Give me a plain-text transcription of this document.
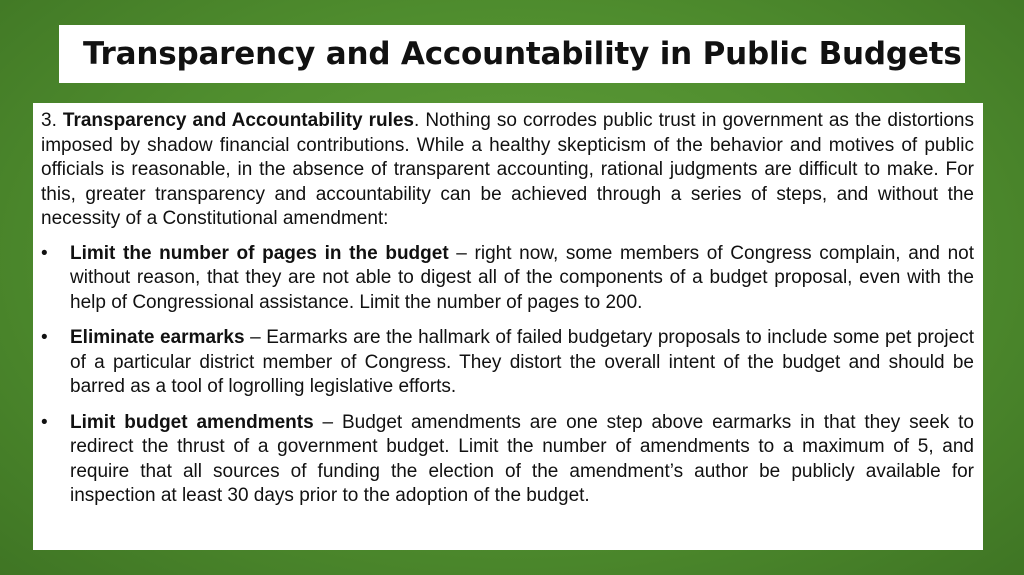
Transparency and Accountability in Public Budgets

3. Transparency and Accountability rules. Nothing so corrodes public trust in government as the distortions imposed by shadow financial contributions. While a healthy skepticism of the behavior and motives of public officials is reasonable, in the absence of transparent accounting, rational judgments are difficult to make. For this, greater transparency and accountability can be achieved through a series of steps, and without the necessity of a Constitutional amendment:

• Limit the number of pages in the budget – right now, some members of Congress complain, and not without reason, that they are not able to digest all of the components of a budget proposal, even with the help of Congressional assistance. Limit the number of pages to 200.
• Eliminate earmarks – Earmarks are the hallmark of failed budgetary proposals to include some pet project of a particular district member of Congress. They distort the overall intent of the budget and should be barred as a tool of logrolling legislative efforts.
• Limit budget amendments – Budget amendments are one step above earmarks in that they seek to redirect the thrust of a government budget. Limit the number of amendments to a maximum of 5, and require that all sources of funding the election of the amendment’s author be publicly available for inspection at least 30 days prior to the adoption of the budget.
